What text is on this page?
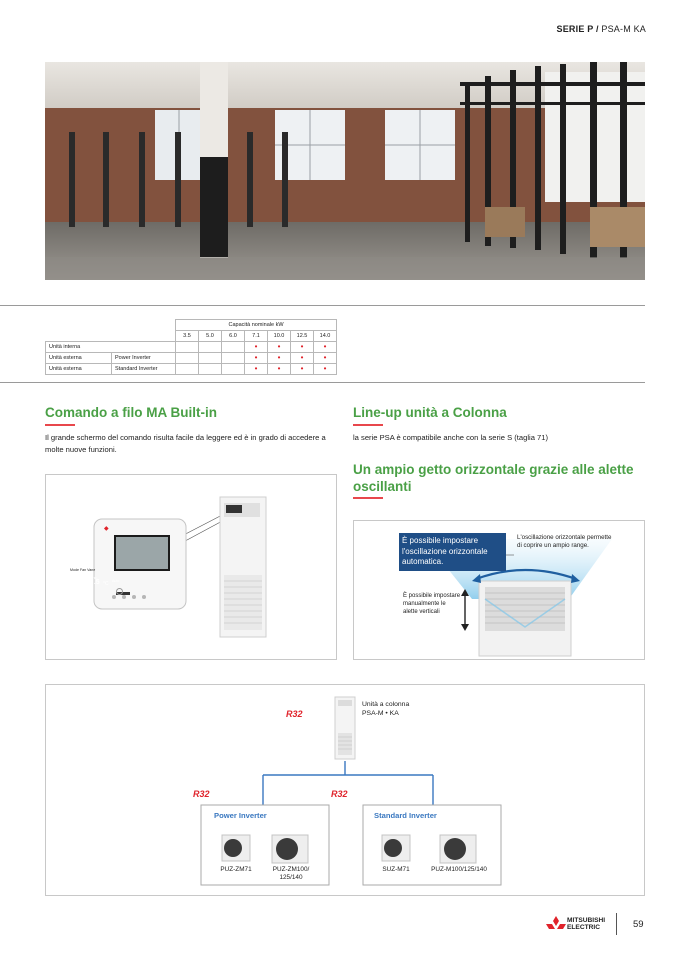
SERIE P / PSA-M KA
		Capacità nominale kW						
		3.5	5.0	6.0	7.1	10.0	12.5	14.0
Unità interna					•	•	•	•
Unità esterna	Power Inverter				•	•	•	•
Unità esterna	Standard Inverter				•	•	•	•
Comando a filo MA Built-in
Il grande schermo del comando risulta facile da leggere ed è in grado di accedere a molte nuove funzioni.
Line-up unità a Colonna
la serie PSA è compatibile anche con la serie S (taglia 71)
Un ampio getto orizzontale grazie alle alette oscillanti
Mode Fan Vane
Cool
Set temp.
28.5 °C Auto
◆
È possibile impostare l'oscillazione orizzontale automatica.
L'oscillazione orizzontale permette di coprire un ampio range.
È possibile impostare manualmente le alette verticali
Unità a colonna
PSA-M • KA
R32
R32	R32
Power Inverter
PUZ-ZM71	PUZ-ZM100/ 125/140
Standard Inverter
SUZ-M71	PUZ-M100/125/140
MITSUBISHI
ELECTRIC	59
